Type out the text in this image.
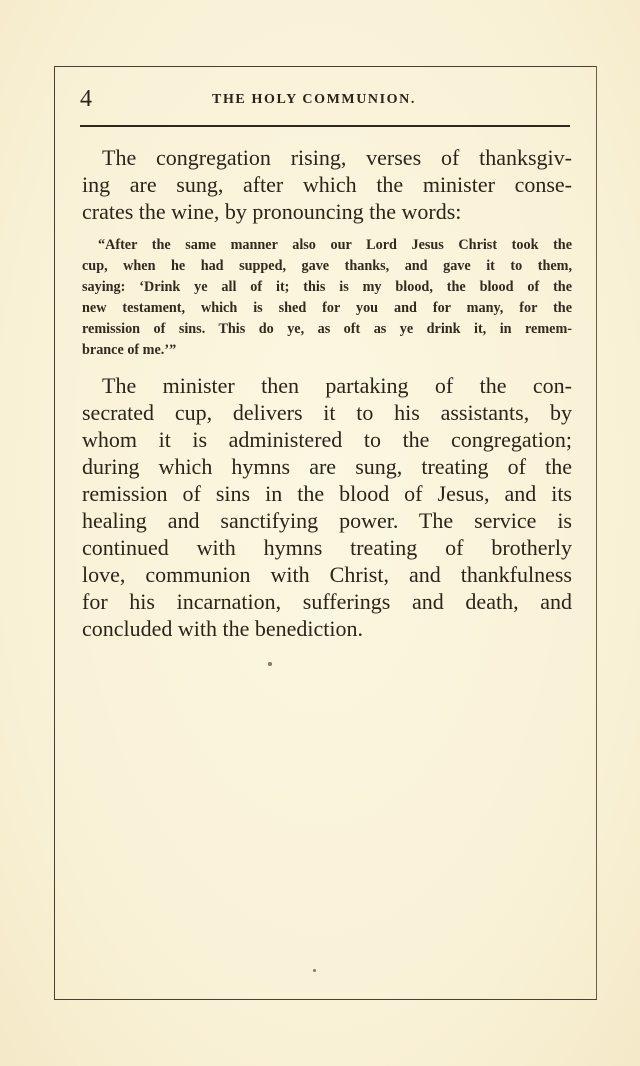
4	THE HOLY COMMUNION.
The congregation rising, verses of thanksgiv-
ing are sung, after which the minister conse-
crates the wine, by pronouncing the words:
“After the same manner also our Lord Jesus Christ took the
cup, when he had supped, gave thanks, and gave it to them,
saying: ‘Drink ye all of it; this is my blood, the blood of the
new testament, which is shed for you and for many, for the
remission of sins. This do ye, as oft as ye drink it, in remem-
brance of me.’”
The minister then partaking of the con-
secrated cup, delivers it to his assistants, by
whom it is administered to the congregation;
during which hymns are sung, treating of the
remission of sins in the blood of Jesus, and its
healing and sanctifying power. The service is
continued with hymns treating of brotherly
love, communion with Christ, and thankfulness
for his incarnation, sufferings and death, and
concluded with the benediction.
